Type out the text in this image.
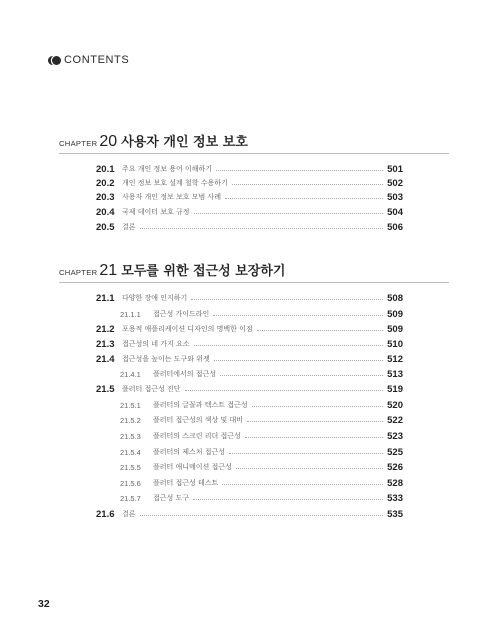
CONTENTS
CHAPTER 20 사용자 개인 정보 보호
20.1	주요 개인 정보 용어 이해하기	501
20.2	개인 정보 보호 설계 철학 수용하기	502
20.3	사용자 개인 정보 보호 모범 사례	503
20.4	국제 데이터 보호 규정	504
20.5	결론	506
CHAPTER 21 모두를 위한 접근성 보장하기
21.1	다양한 장애 인지하기	508
21.1.1	접근성 가이드라인	509
21.2	포용적 애플리케이션 디자인의 명백한 이점	509
21.3	접근성의 네 가지 요소	510
21.4	접근성을 높이는 도구와 위젯	512
21.4.1	플러터에서의 접근성	513
21.5	플러터 접근성 진단	519
21.5.1	플러터의 글꼴과 텍스트 접근성	520
21.5.2	플러터 접근성의 색상 및 대비	522
21.5.3	플러터의 스크린 리더 접근성	523
21.5.4	플러터의 제스처 접근성	525
21.5.5	플러터 애니메이션 접근성	526
21.5.6	플러터 접근성 테스트	528
21.5.7	접근성 도구	533
21.6	결론	535
32
